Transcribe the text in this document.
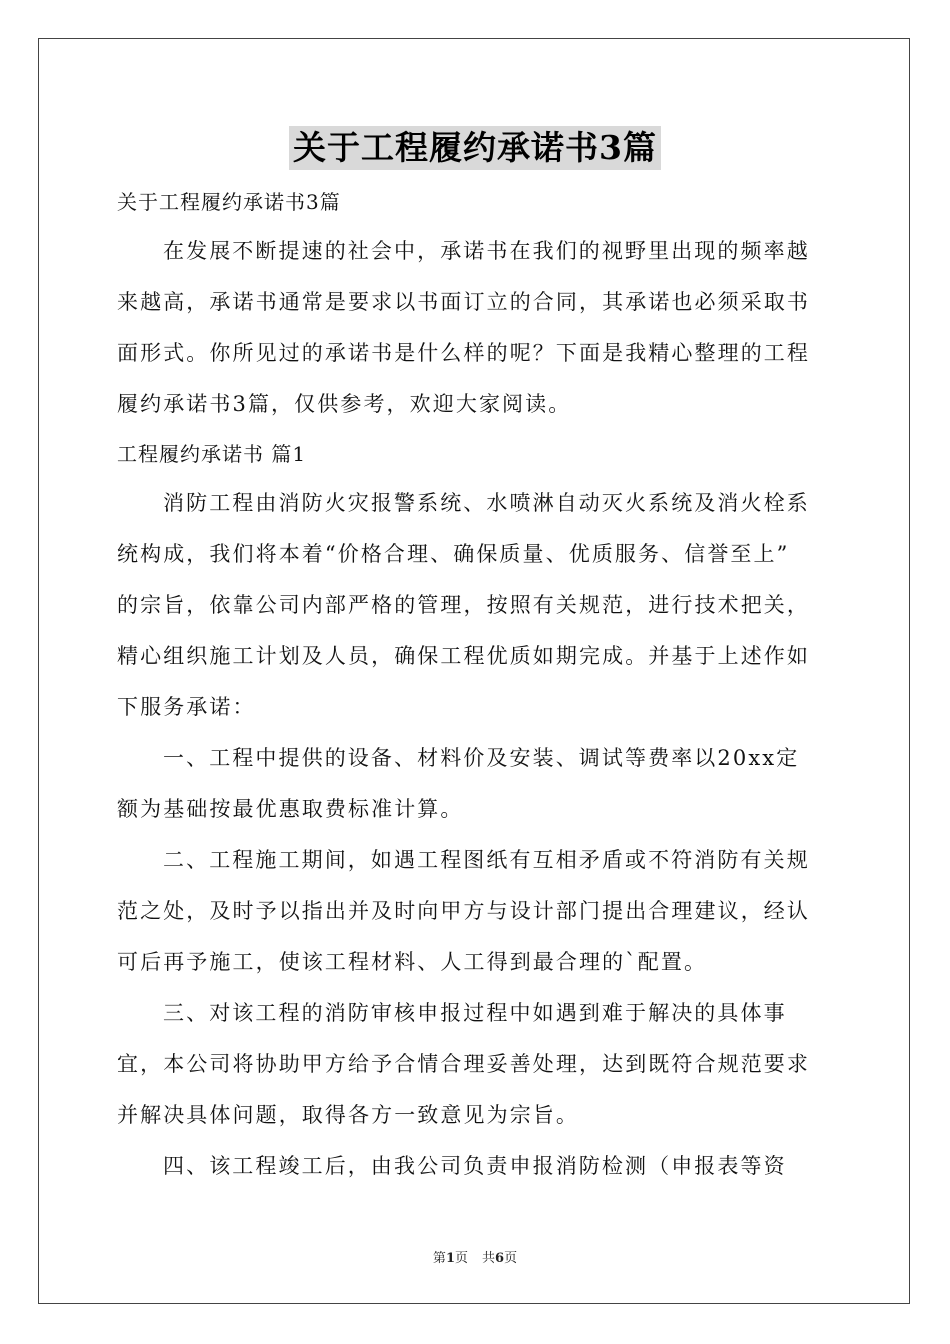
关于工程履约承诺书3篇
关于工程履约承诺书3篇
在发展不断提速的社会中，承诺书在我们的视野里出现的频率越
来越高，承诺书通常是要求以书面订立的合同，其承诺也必须采取书
面形式。你所见过的承诺书是什么样的呢？下面是我精心整理的工程
履约承诺书3篇，仅供参考，欢迎大家阅读。
工程履约承诺书 篇1
消防工程由消防火灾报警系统、水喷淋自动灭火系统及消火栓系
统构成，我们将本着“价格合理、确保质量、优质服务、信誉至上”
的宗旨，依靠公司内部严格的管理，按照有关规范，进行技术把关，
精心组织施工计划及人员，确保工程优质如期完成。并基于上述作如
下服务承诺：
一、工程中提供的设备、材料价及安装、调试等费率以20xx定
额为基础按最优惠取费标准计算。
二、工程施工期间，如遇工程图纸有互相矛盾或不符消防有关规
范之处，及时予以指出并及时向甲方与设计部门提出合理建议，经认
可后再予施工，使该工程材料、人工得到最合理的`配置。
三、对该工程的消防审核申报过程中如遇到难于解决的具体事
宜，本公司将协助甲方给予合情合理妥善处理，达到既符合规范要求
并解决具体问题，取得各方一致意见为宗旨。
四、该工程竣工后，由我公司负责申报消防检测（申报表等资
第1页 共6页
